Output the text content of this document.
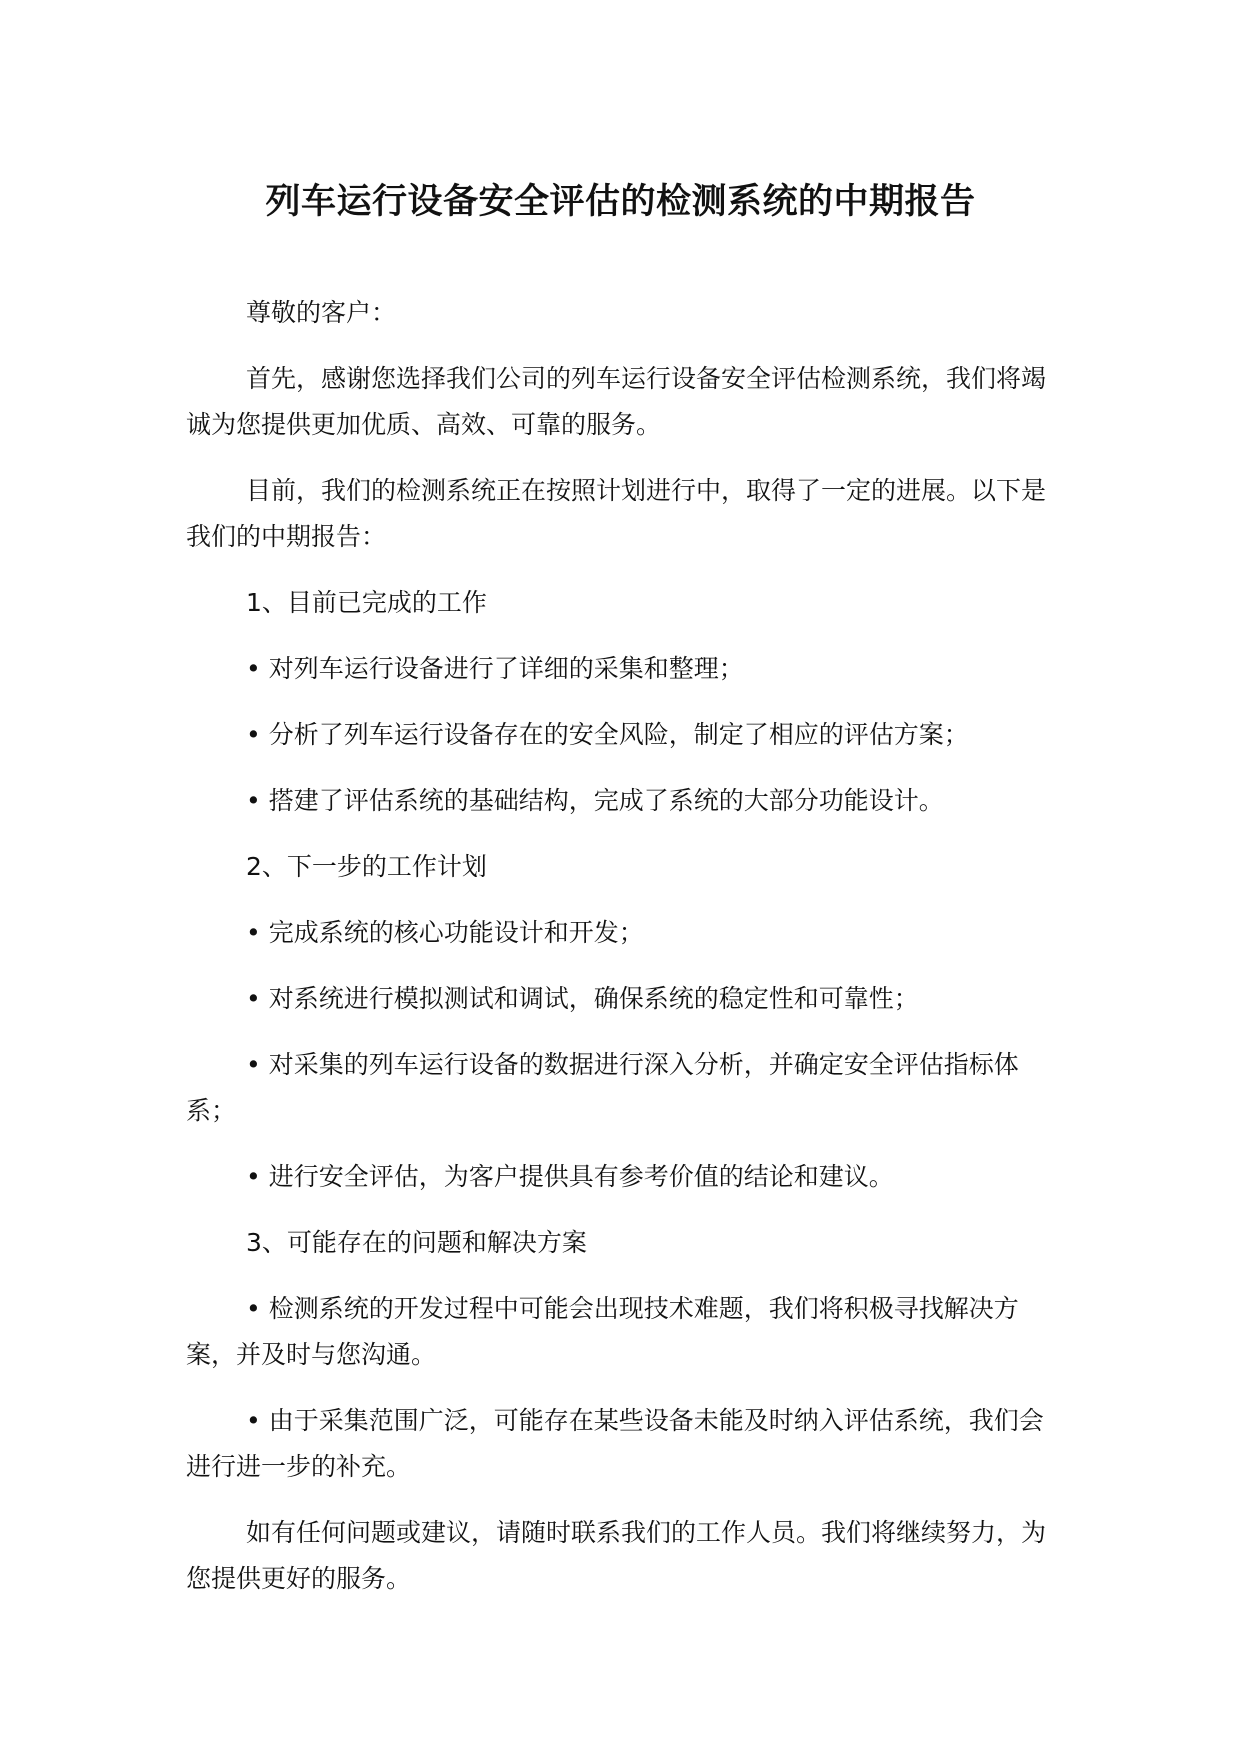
列车运行设备安全评估的检测系统的中期报告

尊敬的客户：

首先，感谢您选择我们公司的列车运行设备安全评估检测系统，我们将竭诚为您提供更加优质、高效、可靠的服务。

目前，我们的检测系统正在按照计划进行中，取得了一定的进展。以下是我们的中期报告：

1、目前已完成的工作

• 对列车运行设备进行了详细的采集和整理；

• 分析了列车运行设备存在的安全风险，制定了相应的评估方案；

• 搭建了评估系统的基础结构，完成了系统的大部分功能设计。

2、下一步的工作计划

• 完成系统的核心功能设计和开发；

• 对系统进行模拟测试和调试，确保系统的稳定性和可靠性；

• 对采集的列车运行设备的数据进行深入分析，并确定安全评估指标体系；

• 进行安全评估，为客户提供具有参考价值的结论和建议。

3、可能存在的问题和解决方案

• 检测系统的开发过程中可能会出现技术难题，我们将积极寻找解决方案，并及时与您沟通。

• 由于采集范围广泛，可能存在某些设备未能及时纳入评估系统，我们会进行进一步的补充。

如有任何问题或建议，请随时联系我们的工作人员。我们将继续努力，为您提供更好的服务。
